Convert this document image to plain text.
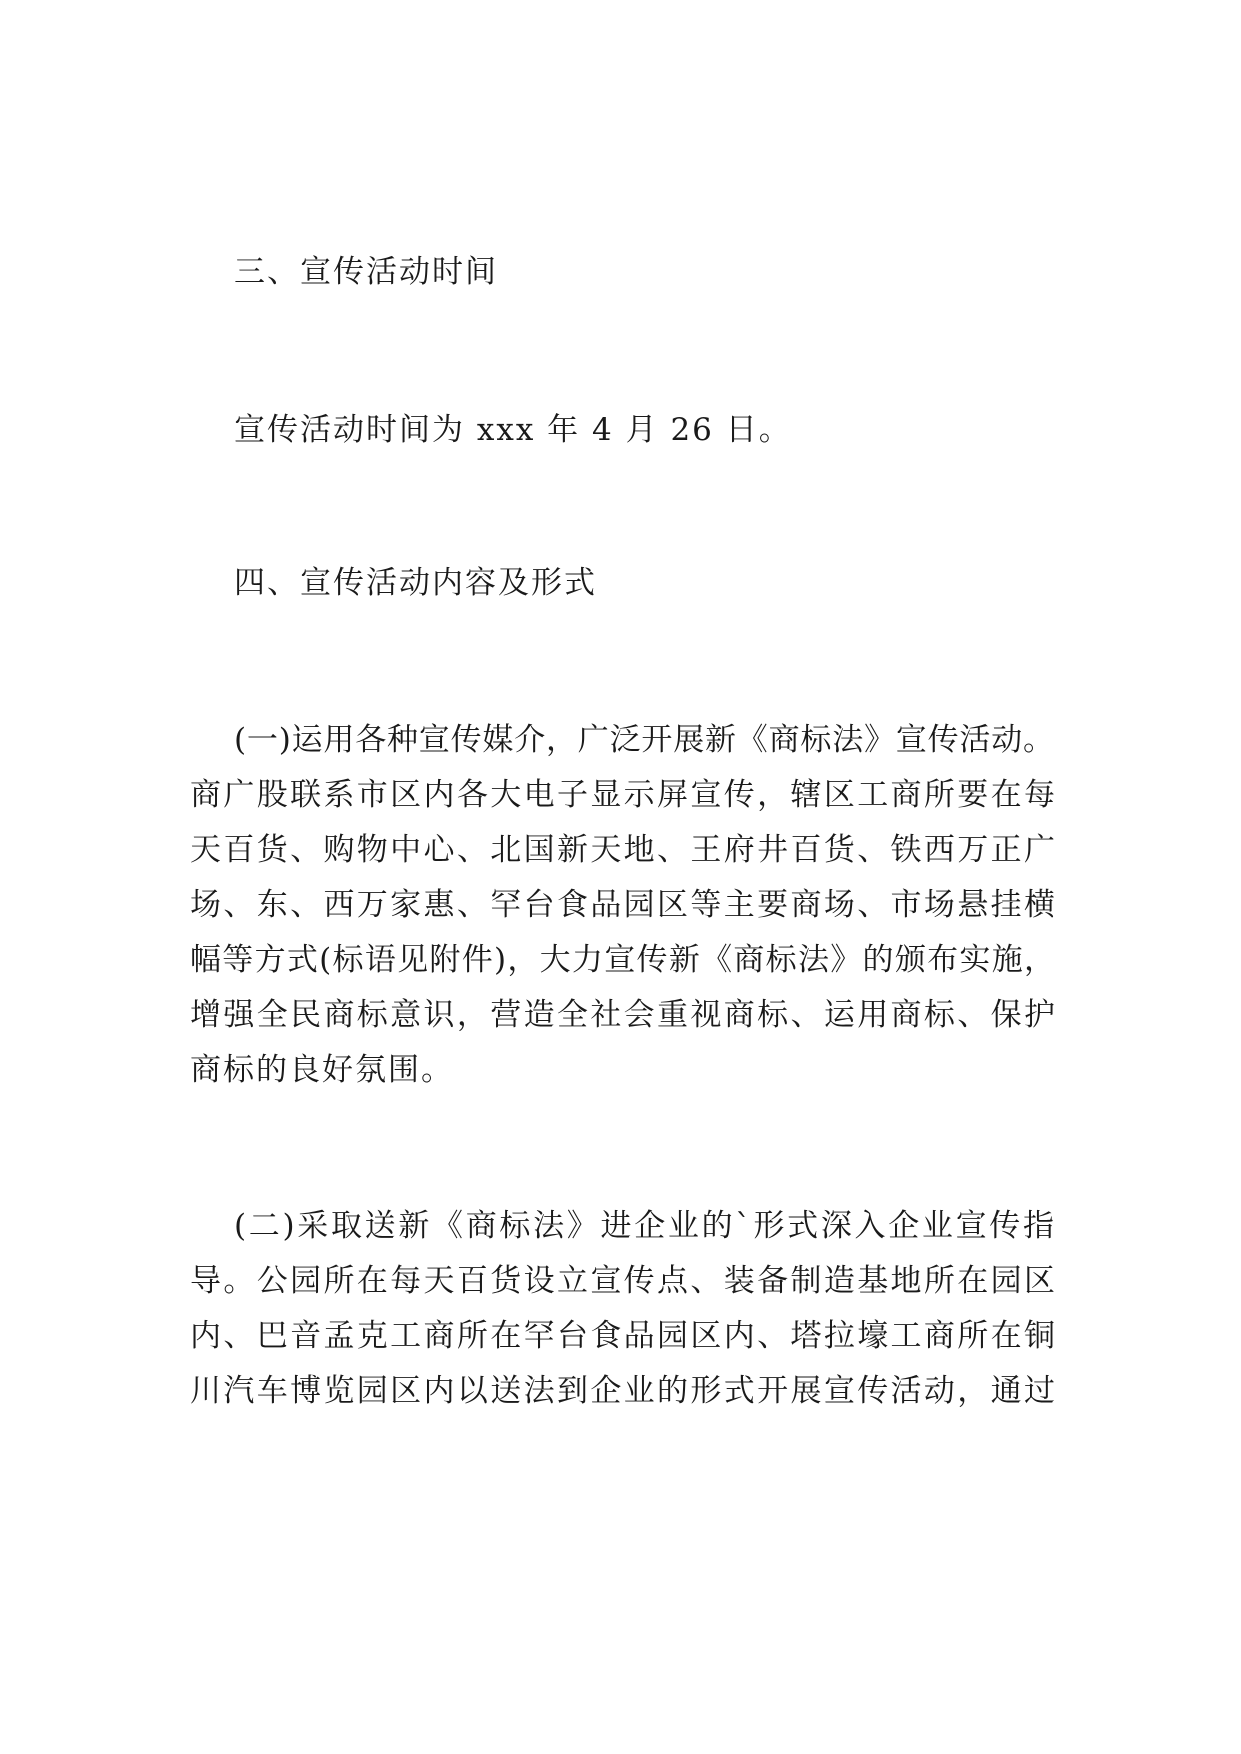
三、宣传活动时间
宣传活动时间为 xxx 年 4 月 26 日。
四、宣传活动内容及形式
(一)运用各种宣传媒介，广泛开展新《商标法》宣传活动。
商广股联系市区内各大电子显示屏宣传，辖区工商所要在每
天百货、购物中心、北国新天地、王府井百货、铁西万正广
场、东、西万家惠、罕台食品园区等主要商场、市场悬挂横
幅等方式(标语见附件)，大力宣传新《商标法》的颁布实施，
增强全民商标意识，营造全社会重视商标、运用商标、保护
商标的良好氛围。
(二)采取送新《商标法》进企业的`形式深入企业宣传指
导。公园所在每天百货设立宣传点、装备制造基地所在园区
内、巴音孟克工商所在罕台食品园区内、塔拉壕工商所在铜
川汽车博览园区内以送法到企业的形式开展宣传活动，通过
